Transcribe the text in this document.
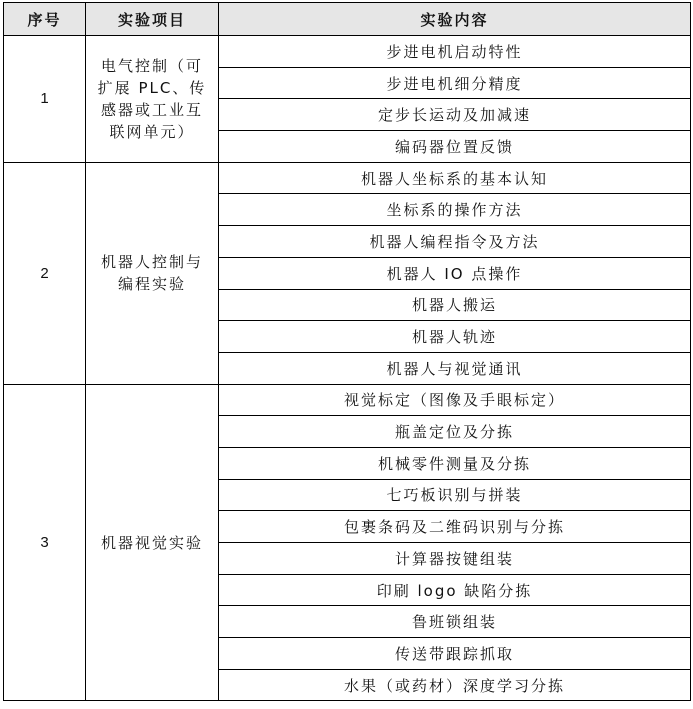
序号	实验项目	实验内容
1	电气控制（可扩展 PLC、传感器或工业互联网单元）	步进电机启动特性
		步进电机细分精度
		定步长运动及加减速
		编码器位置反馈
2	机器人控制与编程实验	机器人坐标系的基本认知
		坐标系的操作方法
		机器人编程指令及方法
		机器人 IO 点操作
		机器人搬运
		机器人轨迹
		机器人与视觉通讯
3	机器视觉实验	视觉标定（图像及手眼标定）
		瓶盖定位及分拣
		机械零件测量及分拣
		七巧板识别与拼装
		包裹条码及二维码识别与分拣
		计算器按键组装
		印刷 logo 缺陷分拣
		鲁班锁组装
		传送带跟踪抓取
		水果（或药材）深度学习分拣
